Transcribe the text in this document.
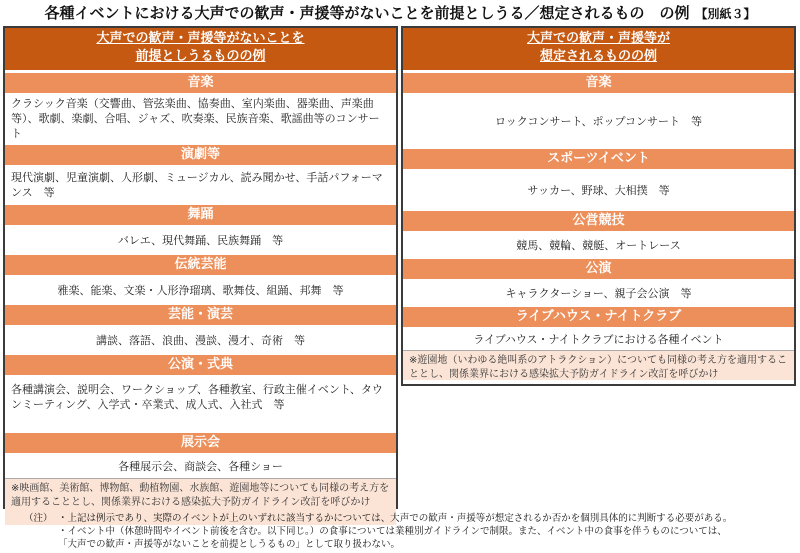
各種イベントにおける大声での歓声・声援等がないことを前提としうる／想定されるもの　の例 【別紙３】
大声での歓声・声援等がないことを
前提としうるものの例
音楽
クラシック音楽（交響曲、管弦楽曲、協奏曲、室内楽曲、器楽曲、声楽曲　等）、歌劇、楽劇、合唱、ジャズ、吹奏楽、民族音楽、歌謡曲等のコンサート
演劇等
現代演劇、児童演劇、人形劇、ミュージカル、読み聞かせ、手話パフォーマンス　等
舞踊
バレエ、現代舞踊、民族舞踊　等
伝統芸能
雅楽、能楽、文楽・人形浄瑠璃、歌舞伎、組踊、邦舞　等
芸能・演芸
講談、落語、浪曲、漫談、漫才、奇術　等
公演・式典
各種講演会、説明会、ワークショップ、各種教室、行政主催イベント、タウンミーティング、入学式・卒業式、成人式、入社式　等
展示会
各種展示会、商談会、各種ショー
※映画館、美術館、博物館、動植物園、水族館、遊園地等についても同様の考え方を適用することとし、関係業界における感染拡大予防ガイドライン改訂を呼びかけ
大声での歓声・声援等が
想定されるものの例
音楽
ロックコンサート、ポップコンサート　等
スポーツイベント
サッカー、野球、大相撲　等
公営競技
競馬、競輪、競艇、オートレース
公演
キャラクターショー、親子会公演　等
ライブハウス・ナイトクラブ
ライブハウス・ナイトクラブにおける各種イベント
※遊園地（いわゆる絶叫系のアトラクション）についても同様の考え方を適用することとし、関係業界における感染拡大予防ガイドライン改訂を呼びかけ
（注） ・上記は例示であり、実際のイベントが上のいずれに該当するかについては、大声での歓声・声援等が想定されるか否かを個別具体的に判断する必要がある。
・イベント中（休憩時間やイベント前後を含む。以下同じ。）の食事については業種別ガイドラインで制限。また、イベント中の食事を伴うものについては、
「大声での歓声・声援等がないことを前提としうるもの」として取り扱わない。
